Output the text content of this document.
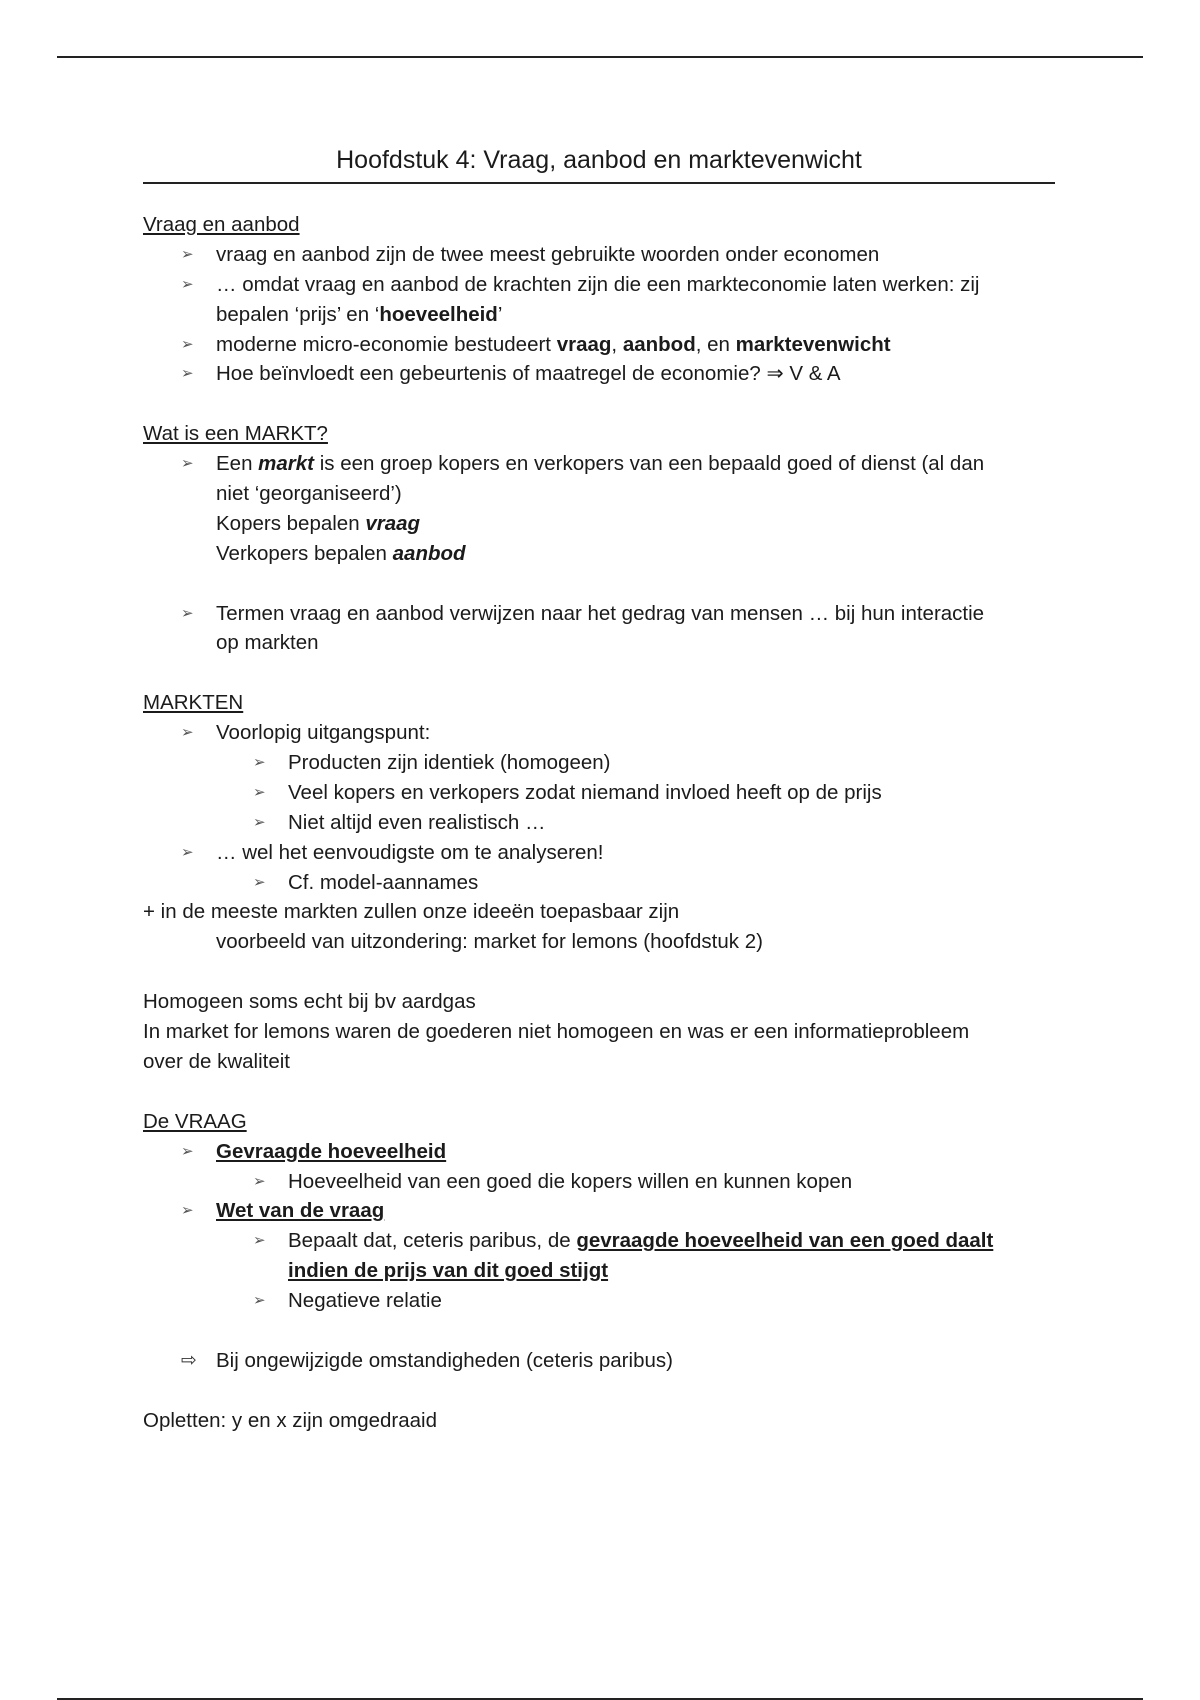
Hoofdstuk 4: Vraag, aanbod en marktevenwicht
Vraag en aanbod
➢	vraag en aanbod zijn de twee meest gebruikte woorden onder economen
➢	… omdat vraag en aanbod de krachten zijn die een markteconomie laten werken: zij
bepalen ‘prijs’ en ‘hoeveelheid’
➢	moderne micro-economie bestudeert vraag, aanbod, en marktevenwicht
➢	Hoe beïnvloedt een gebeurtenis of maatregel de economie? ⇒ V & A
Wat is een MARKT?
➢	Een markt is een groep kopers en verkopers van een bepaald goed of dienst (al dan
niet ‘georganiseerd’)
Kopers bepalen vraag
Verkopers bepalen aanbod
➢	Termen vraag en aanbod verwijzen naar het gedrag van mensen … bij hun interactie
op markten
MARKTEN
➢	Voorlopig uitgangspunt:
➢	Producten zijn identiek (homogeen)
➢	Veel kopers en verkopers zodat niemand invloed heeft op de prijs
➢	Niet altijd even realistisch …
➢	… wel het eenvoudigste om te analyseren!
➢	Cf. model-aannames
+ in de meeste markten zullen onze ideeën toepasbaar zijn
voorbeeld van uitzondering: market for lemons (hoofdstuk 2)
Homogeen soms echt bij bv aardgas
In market for lemons waren de goederen niet homogeen en was er een informatieprobleem
over de kwaliteit
De VRAAG
➢	Gevraagde hoeveelheid
➢	Hoeveelheid van een goed die kopers willen en kunnen kopen
➢	Wet van de vraag
➢	Bepaalt dat, ceteris paribus, de gevraagde hoeveelheid van een goed daalt
indien de prijs van dit goed stijgt
➢	Negatieve relatie
⇨ Bij ongewijzigde omstandigheden (ceteris paribus)
Opletten: y en x zijn omgedraaid
